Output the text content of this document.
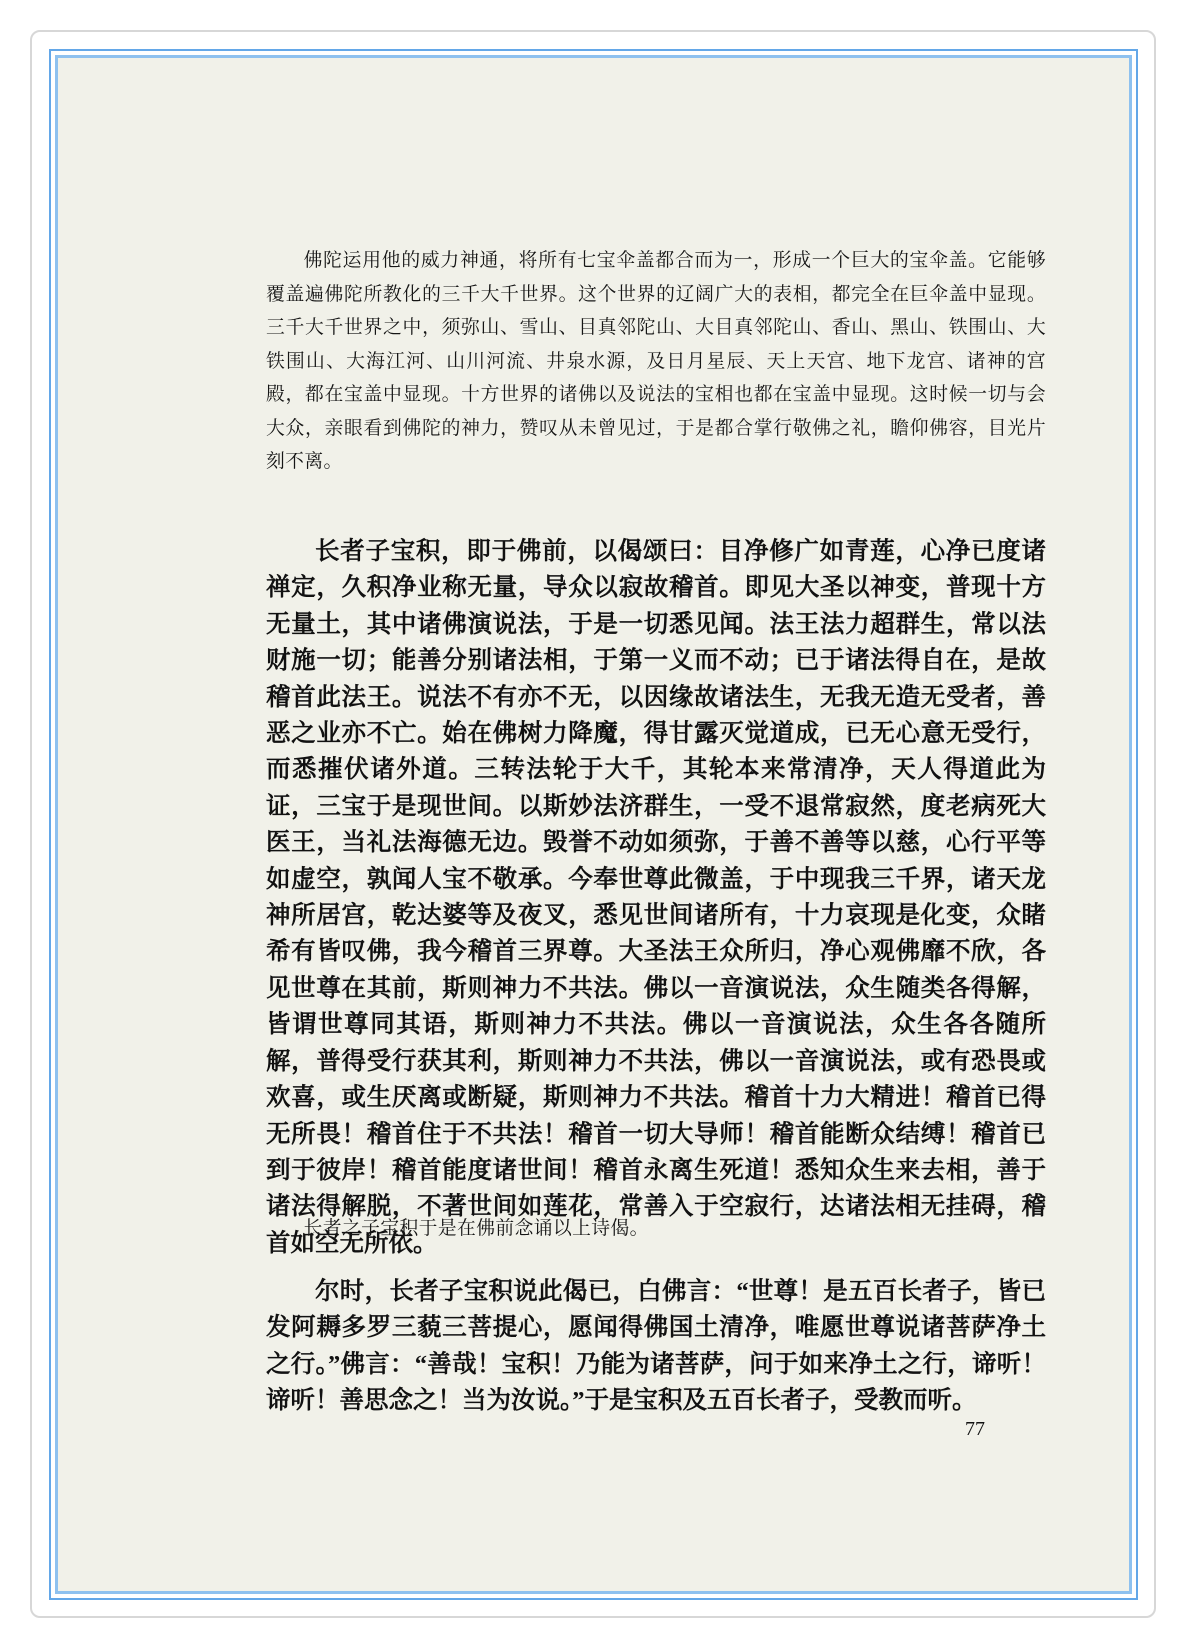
佛陀运用他的威力神通，将所有七宝伞盖都合而为一，形成一个巨大的宝伞盖。它能够覆盖遍佛陀所教化的三千大千世界。这个世界的辽阔广大的表相，都完全在巨伞盖中显现。三千大千世界之中，须弥山、雪山、目真邻陀山、大目真邻陀山、香山、黑山、铁围山、大铁围山、大海江河、山川河流、井泉水源，及日月星辰、天上天宫、地下龙宫、诸神的宫殿，都在宝盖中显现。十方世界的诸佛以及说法的宝相也都在宝盖中显现。这时候一切与会大众，亲眼看到佛陀的神力，赞叹从未曾见过，于是都合掌行敬佛之礼，瞻仰佛容，目光片刻不离。

长者子宝积，即于佛前，以偈颂曰：目净修广如青莲，心净已度诸禅定，久积净业称无量，导众以寂故稽首。即见大圣以神变，普现十方无量土，其中诸佛演说法，于是一切悉见闻。法王法力超群生，常以法财施一切；能善分别诸法相，于第一义而不动；已于诸法得自在，是故稽首此法王。说法不有亦不无，以因缘故诸法生，无我无造无受者，善恶之业亦不亡。始在佛树力降魔，得甘露灭觉道成，已无心意无受行，而悉摧伏诸外道。三转法轮于大千，其轮本来常清净，天人得道此为证，三宝于是现世间。以斯妙法济群生，一受不退常寂然，度老病死大医王，当礼法海德无边。毁誉不动如须弥，于善不善等以慈，心行平等如虚空，孰闻人宝不敬承。今奉世尊此微盖，于中现我三千界，诸天龙神所居宫，乾达婆等及夜叉，悉见世间诸所有，十力哀现是化变，众睹希有皆叹佛，我今稽首三界尊。大圣法王众所归，净心观佛靡不欣，各见世尊在其前，斯则神力不共法。佛以一音演说法，众生随类各得解，皆谓世尊同其语，斯则神力不共法。佛以一音演说法，众生各各随所解，普得受行获其利，斯则神力不共法，佛以一音演说法，或有恐畏或欢喜，或生厌离或断疑，斯则神力不共法。稽首十力大精进！稽首已得无所畏！稽首住于不共法！稽首一切大导师！稽首能断众结缚！稽首已到于彼岸！稽首能度诸世间！稽首永离生死道！悉知众生来去相，善于诸法得解脱，不著世间如莲花，常善入于空寂行，达诸法相无挂碍，稽首如空无所依。

长者之子宝积于是在佛前念诵以上诗偈。

尔时，长者子宝积说此偈已，白佛言：“世尊！是五百长者子，皆已发阿耨多罗三藐三菩提心，愿闻得佛国土清净，唯愿世尊说诸菩萨净土之行。”佛言：“善哉！宝积！乃能为诸菩萨，问于如来净土之行，谛听！谛听！善思念之！当为汝说。”于是宝积及五百长者子，受教而听。

77
